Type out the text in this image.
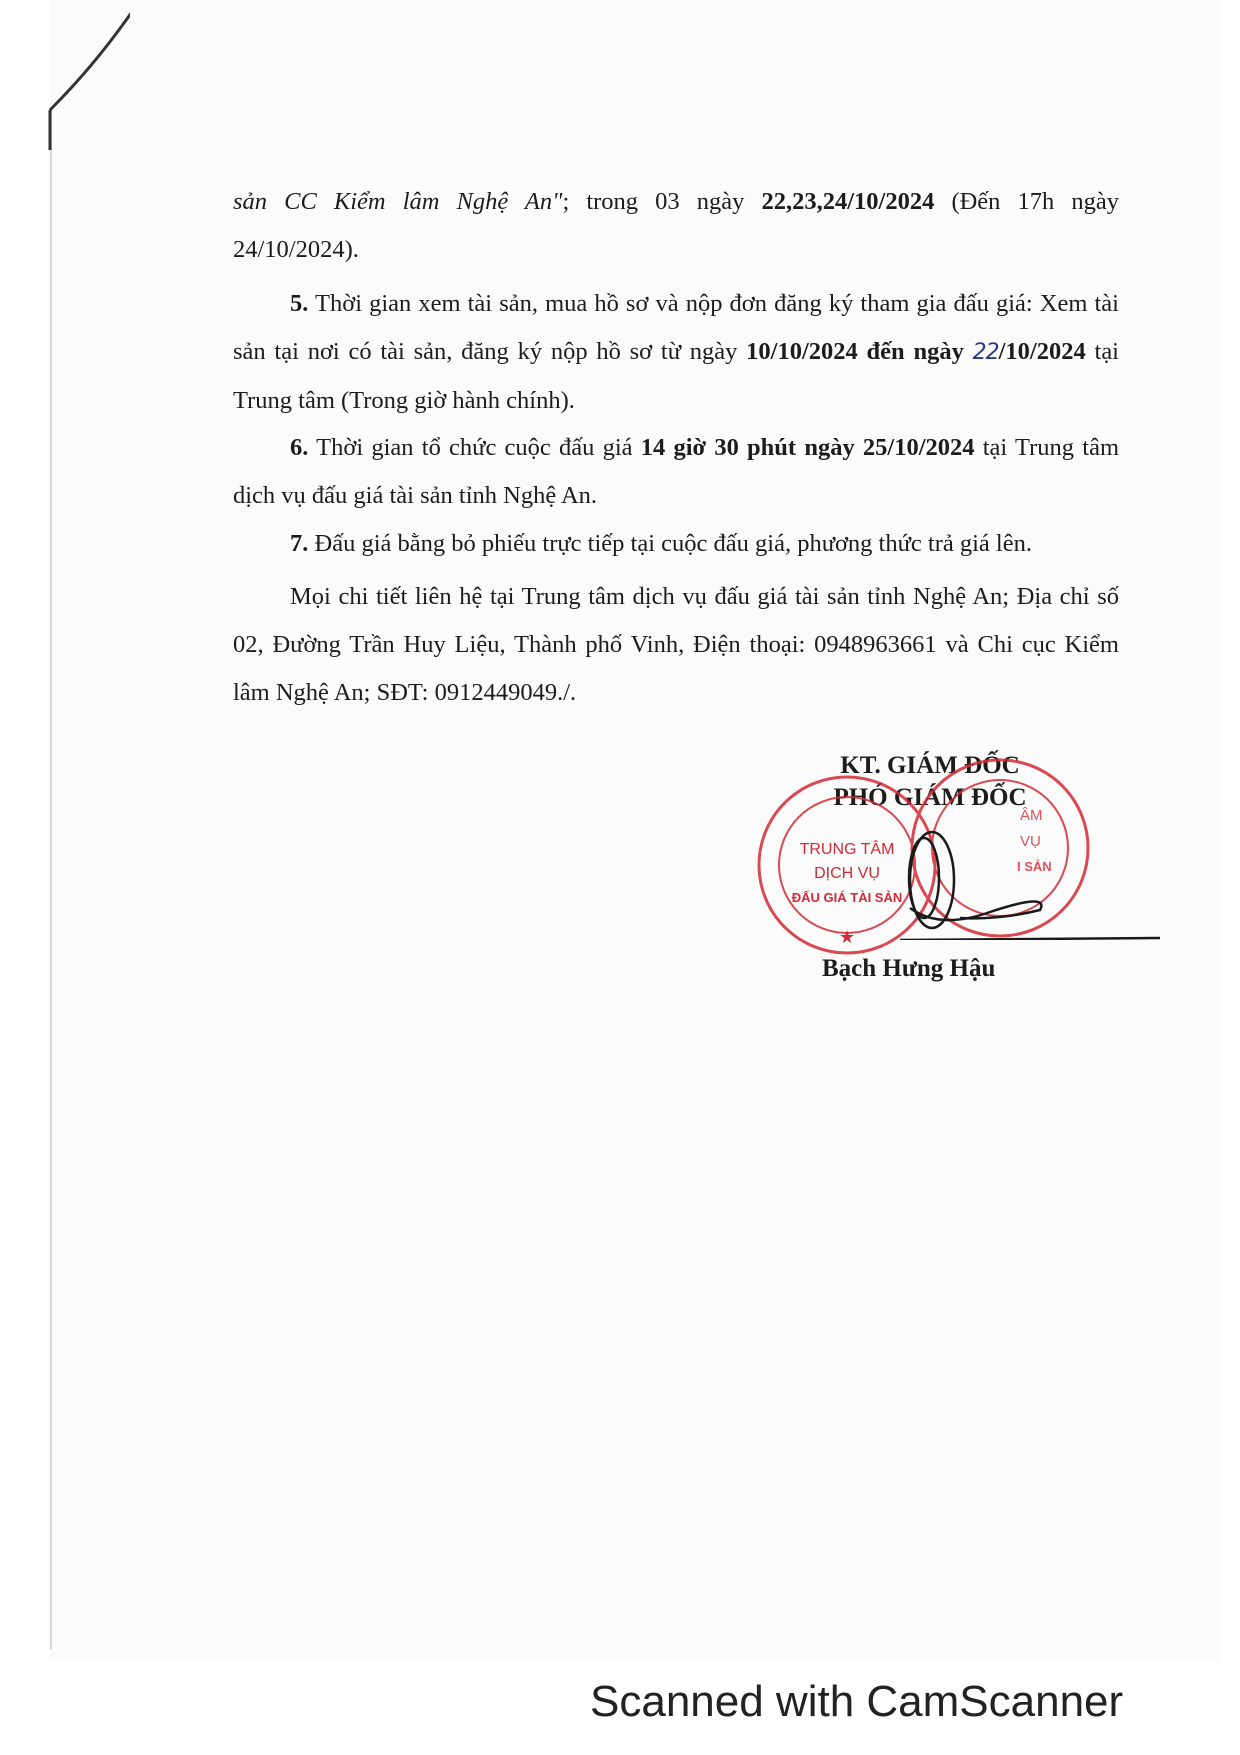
sản CC Kiểm lâm Nghệ An"; trong 03 ngày 22,23,24/10/2024 (Đến 17h ngày 24/10/2024).

5. Thời gian xem tài sản, mua hồ sơ và nộp đơn đăng ký tham gia đấu giá: Xem tài sản tại nơi có tài sản, đăng ký nộp hồ sơ từ ngày 10/10/2024 đến ngày 22/10/2024 tại Trung tâm (Trong giờ hành chính).

6. Thời gian tổ chức cuộc đấu giá 14 giờ 30 phút ngày 25/10/2024 tại Trung tâm dịch vụ đấu giá tài sản tỉnh Nghệ An.

7. Đấu giá bằng bỏ phiếu trực tiếp tại cuộc đấu giá, phương thức trả giá lên.

Mọi chi tiết liên hệ tại Trung tâm dịch vụ đấu giá tài sản tỉnh Nghệ An; Địa chỉ số 02, Đường Trần Huy Liệu, Thành phố Vinh, Điện thoại: 0948963661 và Chi cục Kiểm lâm Nghệ An; SĐT: 0912449049./.

KT. GIÁM ĐỐC

PHÓ GIÁM ĐỐC

TRUNG TÂM
DỊCH VỤ
ĐẤU GIÁ TÀI SẢN
★
ÂM
VỤ
I SẢN
Bạch Hưng Hậu
Scanned with CamScanner
